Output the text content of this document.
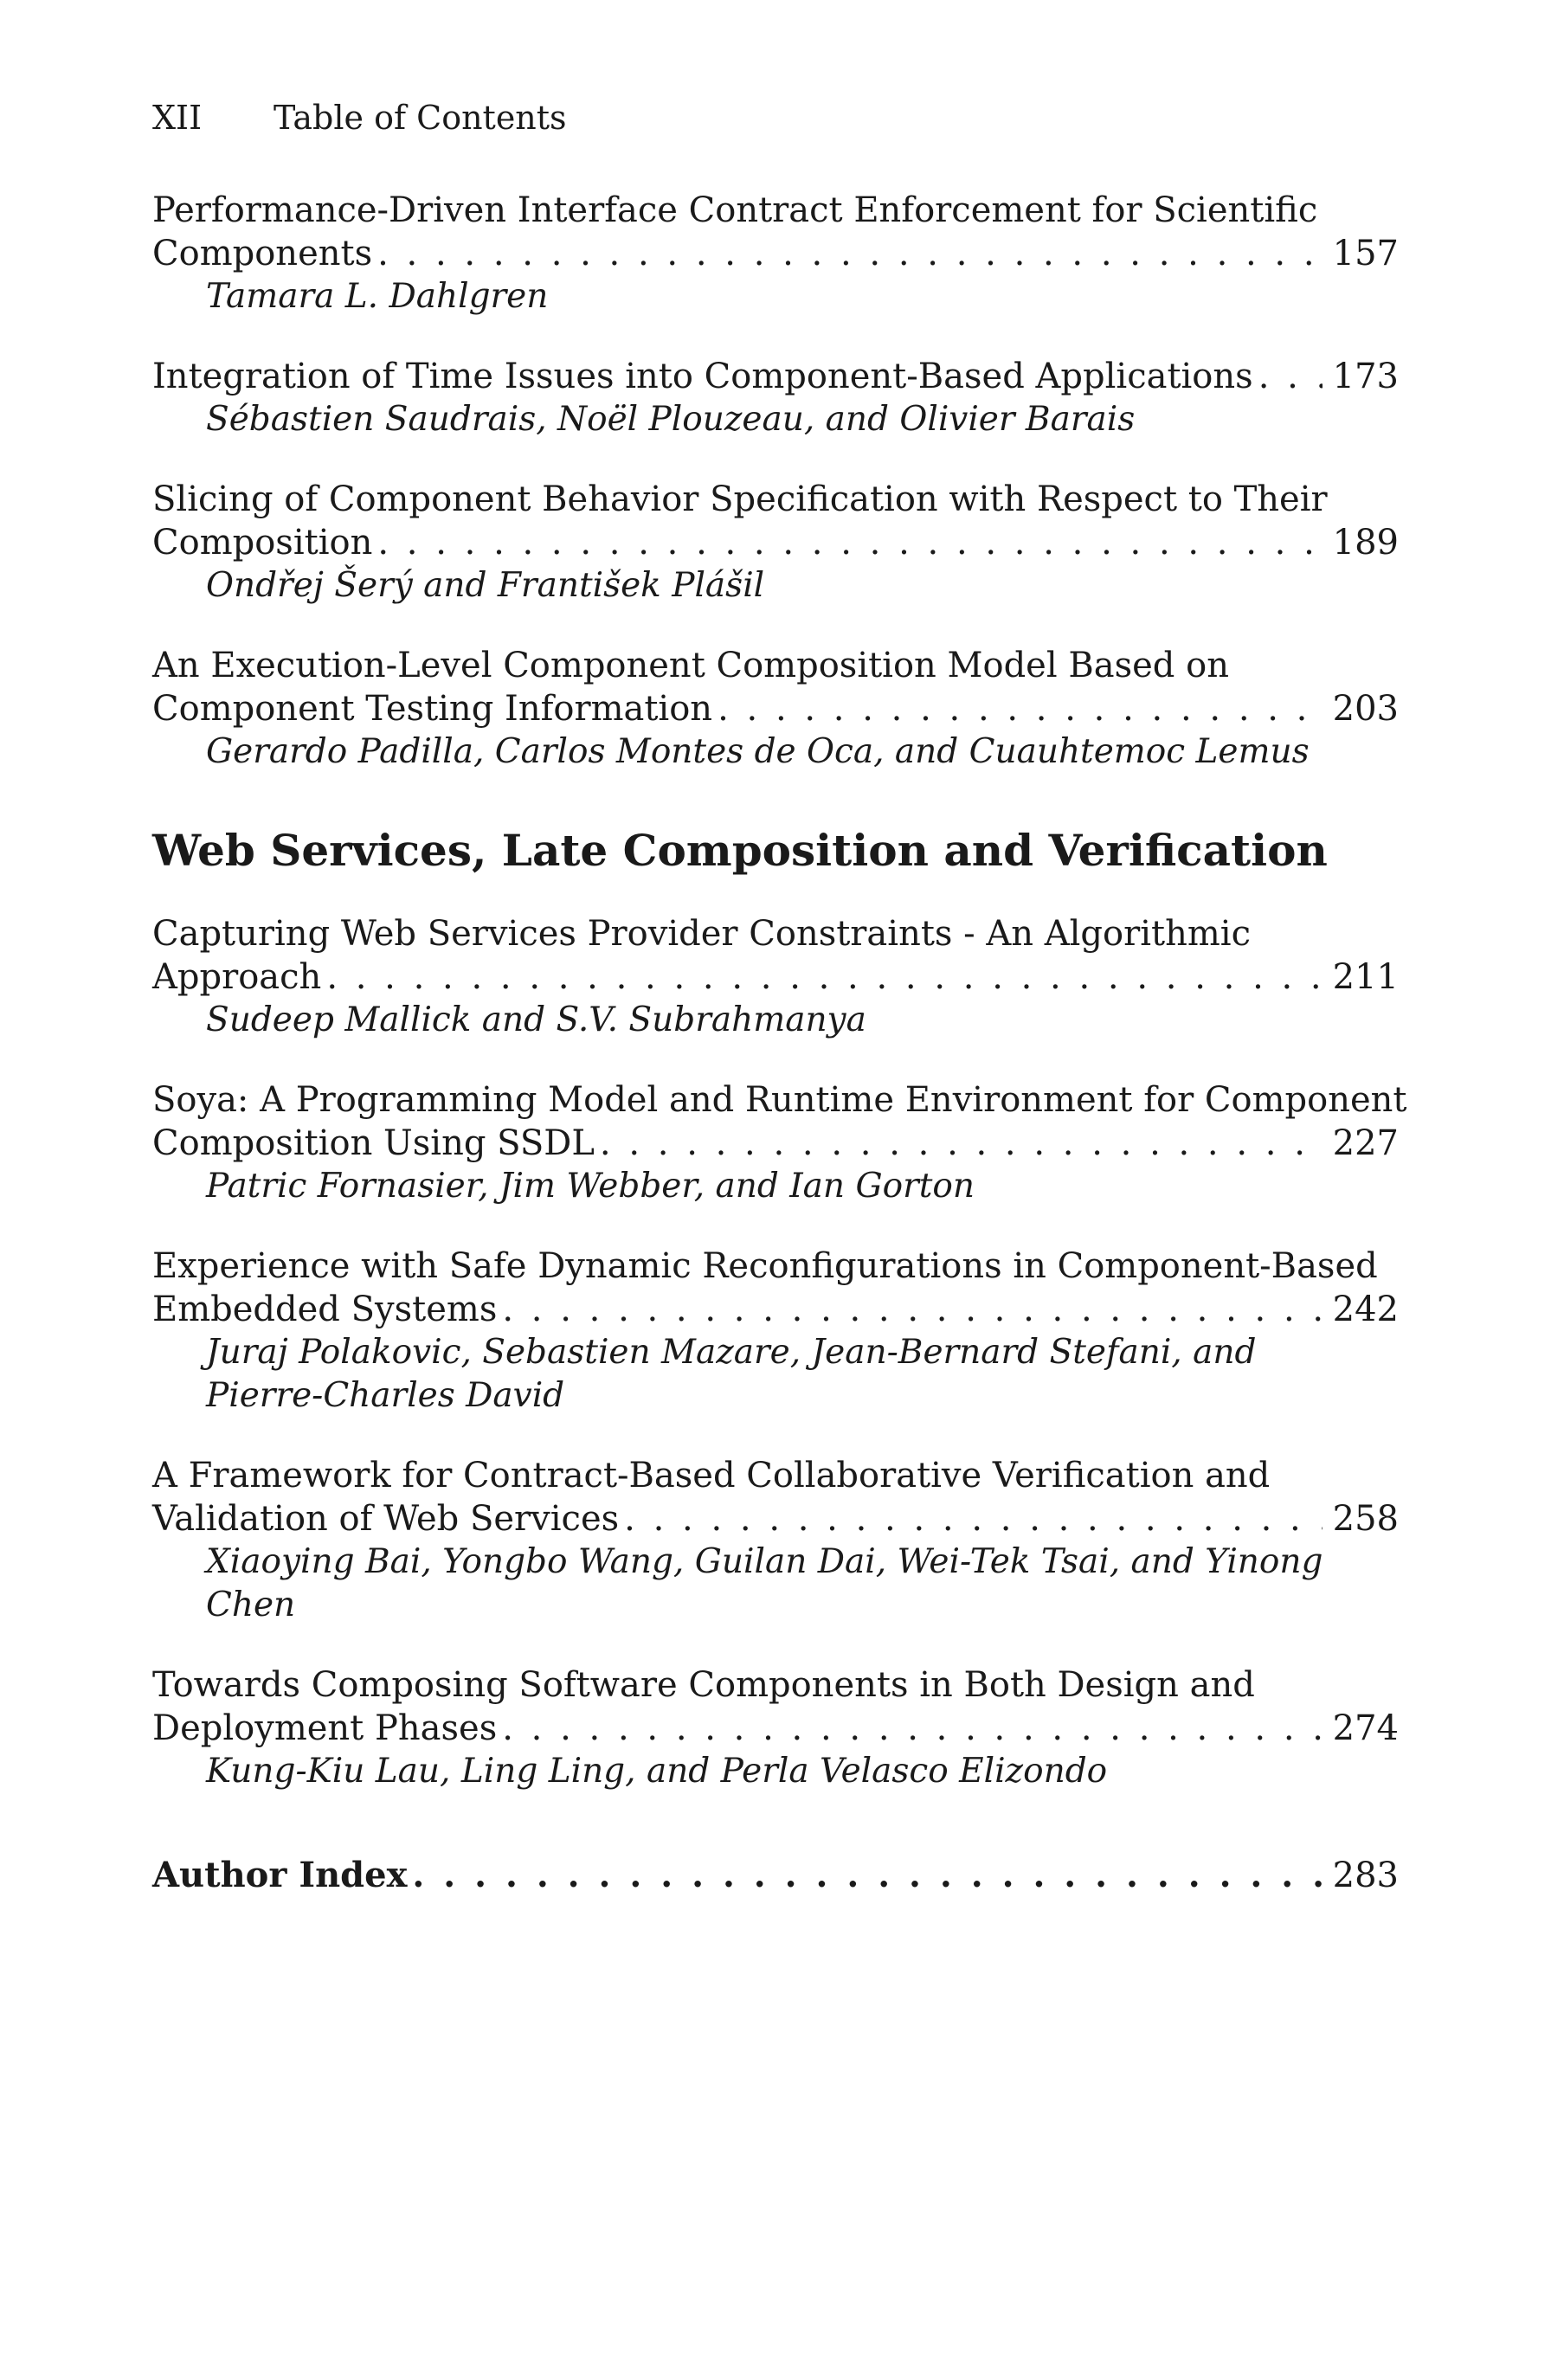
XII Table of Contents
Performance-Driven Interface Contract Enforcement for Scientific
Components . . .	157
Tamara L. Dahlgren
Integration of Time Issues into Component-Based Applications . . . 173
Sébastien Saudrais, Noël Plouzeau, and Olivier Barais
Slicing of Component Behavior Specification with Respect to Their
Composition . . .	189
Ondřej Šerý and František Plášil
An Execution-Level Component Composition Model Based on
Component Testing Information . . .	203
Gerardo Padilla, Carlos Montes de Oca, and Cuauhtemoc Lemus
Web Services, Late Composition and Verification
Capturing Web Services Provider Constraints - An Algorithmic
Approach . . .	211
Sudeep Mallick and S.V. Subrahmanya
Soya: A Programming Model and Runtime Environment for Component
Composition Using SSDL . . .	227
Patric Fornasier, Jim Webber, and Ian Gorton
Experience with Safe Dynamic Reconfigurations in Component-Based
Embedded Systems . . .	242
Juraj Polakovic, Sebastien Mazare, Jean-Bernard Stefani, and Pierre-Charles David
A Framework for Contract-Based Collaborative Verification and
Validation of Web Services . . .	258
Xiaoying Bai, Yongbo Wang, Guilan Dai, Wei-Tek Tsai, and Yinong Chen
Towards Composing Software Components in Both Design and
Deployment Phases . . .	274
Kung-Kiu Lau, Ling Ling, and Perla Velasco Elizondo
Author Index . . .	283
